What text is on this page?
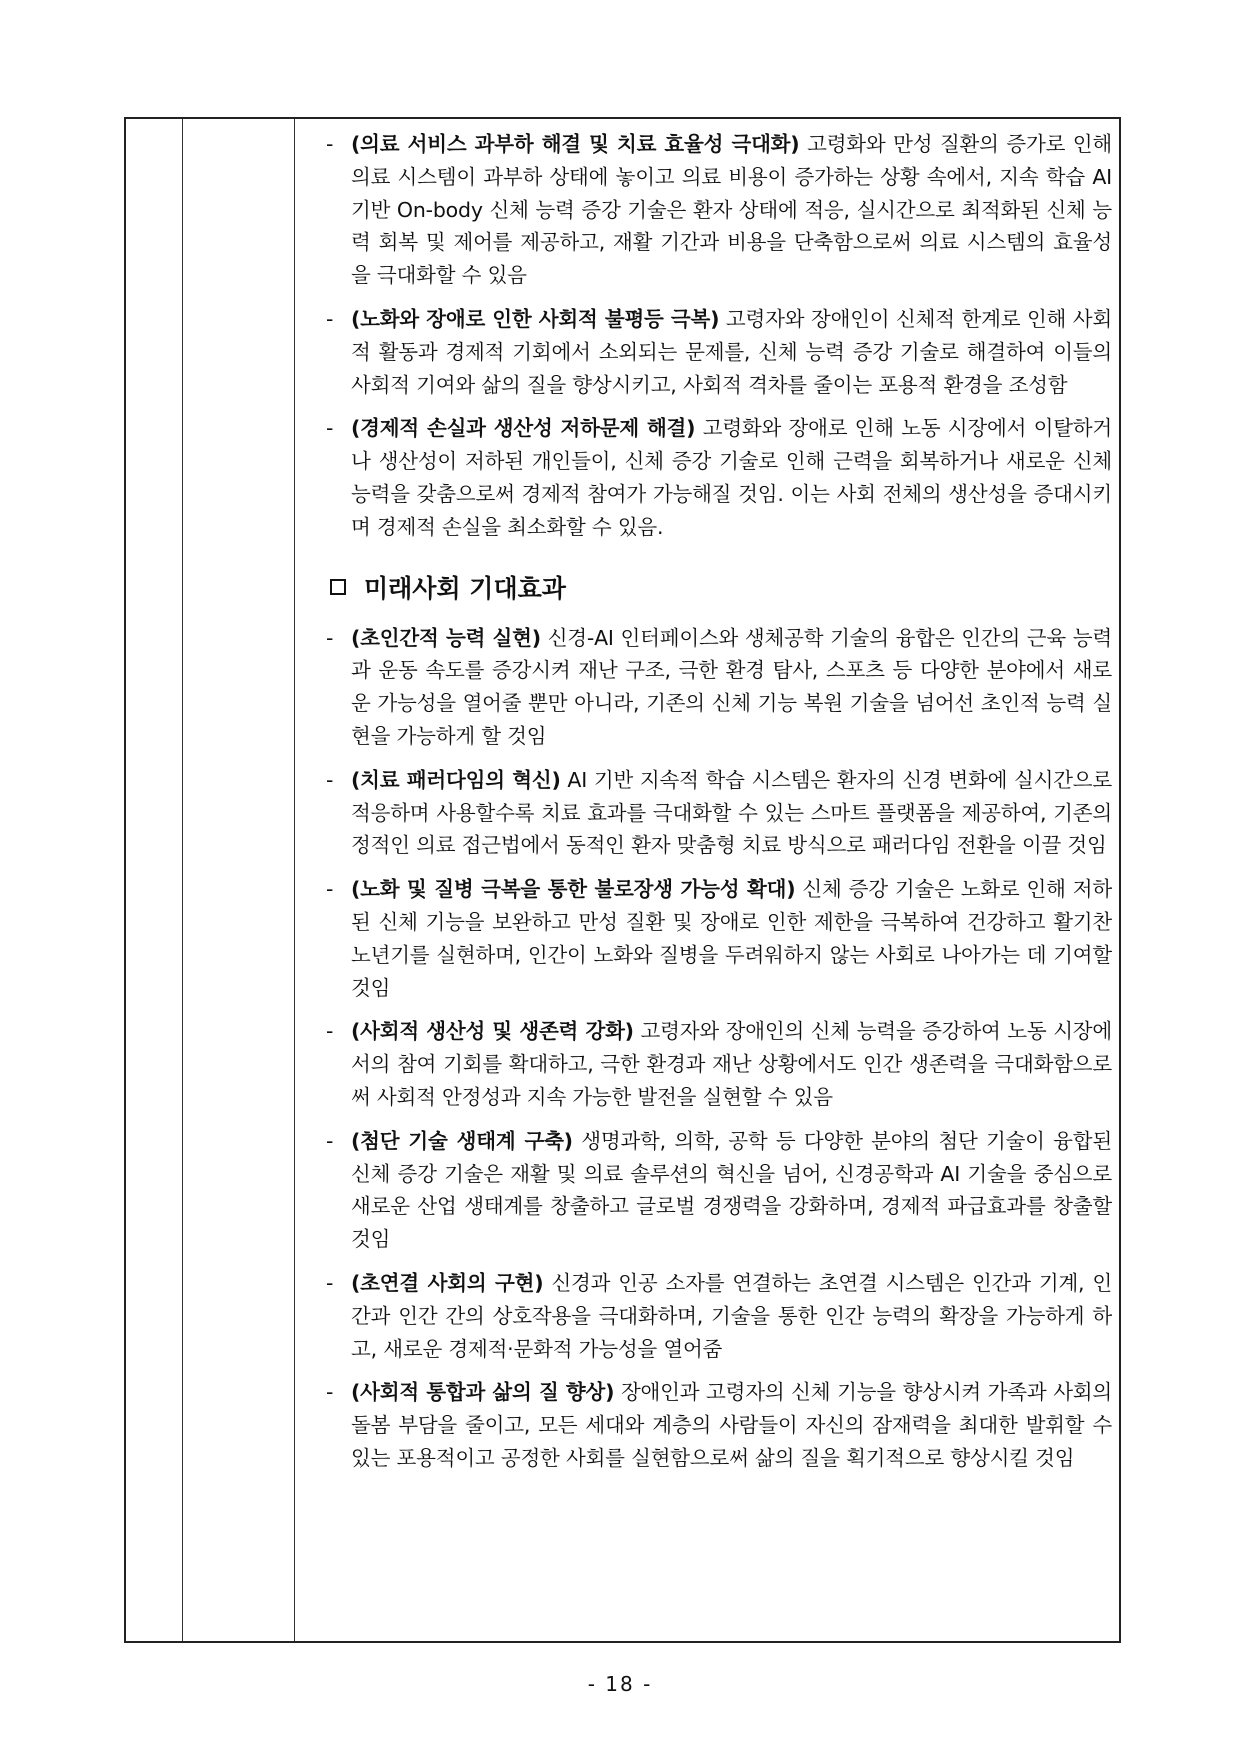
- (의료 서비스 과부하 해결 및 치료 효율성 극대화) 고령화와 만성 질환의 증가로 인해 의료 시스템이 과부하 상태에 놓이고 의료 비용이 증가하는 상황 속에서, 지속 학습 AI 기반 On-body 신체 능력 증강 기술은 환자 상태에 적응, 실시간으로 최적화된 신체 능력 회복 및 제어를 제공하고, 재활 기간과 비용을 단축함으로써 의료 시스템의 효율성을 극대화할 수 있음
- (노화와 장애로 인한 사회적 불평등 극복) 고령자와 장애인이 신체적 한계로 인해 사회적 활동과 경제적 기회에서 소외되는 문제를, 신체 능력 증강 기술로 해결하여 이들의 사회적 기여와 삶의 질을 향상시키고, 사회적 격차를 줄이는 포용적 환경을 조성함
- (경제적 손실과 생산성 저하문제 해결) 고령화와 장애로 인해 노동 시장에서 이탈하거나 생산성이 저하된 개인들이, 신체 증강 기술로 인해 근력을 회복하거나 새로운 신체 능력을 갖춤으로써 경제적 참여가 가능해질 것임. 이는 사회 전체의 생산성을 증대시키며 경제적 손실을 최소화할 수 있음.
미래사회 기대효과
- (초인간적 능력 실현) 신경-AI 인터페이스와 생체공학 기술의 융합은 인간의 근육 능력과 운동 속도를 증강시켜 재난 구조, 극한 환경 탐사, 스포츠 등 다양한 분야에서 새로운 가능성을 열어줄 뿐만 아니라, 기존의 신체 기능 복원 기술을 넘어선 초인적 능력 실현을 가능하게 할 것임
- (치료 패러다임의 혁신) AI 기반 지속적 학습 시스템은 환자의 신경 변화에 실시간으로 적응하며 사용할수록 치료 효과를 극대화할 수 있는 스마트 플랫폼을 제공하여, 기존의 정적인 의료 접근법에서 동적인 환자 맞춤형 치료 방식으로 패러다임 전환을 이끌 것임
- (노화 및 질병 극복을 통한 불로장생 가능성 확대) 신체 증강 기술은 노화로 인해 저하된 신체 기능을 보완하고 만성 질환 및 장애로 인한 제한을 극복하여 건강하고 활기찬 노년기를 실현하며, 인간이 노화와 질병을 두려워하지 않는 사회로 나아가는 데 기여할 것임
- (사회적 생산성 및 생존력 강화) 고령자와 장애인의 신체 능력을 증강하여 노동 시장에서의 참여 기회를 확대하고, 극한 환경과 재난 상황에서도 인간 생존력을 극대화함으로써 사회적 안정성과 지속 가능한 발전을 실현할 수 있음
- (첨단 기술 생태계 구축) 생명과학, 의학, 공학 등 다양한 분야의 첨단 기술이 융합된 신체 증강 기술은 재활 및 의료 솔루션의 혁신을 넘어, 신경공학과 AI 기술을 중심으로 새로운 산업 생태계를 창출하고 글로벌 경쟁력을 강화하며, 경제적 파급효과를 창출할 것임
- (초연결 사회의 구현) 신경과 인공 소자를 연결하는 초연결 시스템은 인간과 기계, 인간과 인간 간의 상호작용을 극대화하며, 기술을 통한 인간 능력의 확장을 가능하게 하고, 새로운 경제적·문화적 가능성을 열어줌
- (사회적 통합과 삶의 질 향상) 장애인과 고령자의 신체 기능을 향상시켜 가족과 사회의 돌봄 부담을 줄이고, 모든 세대와 계층의 사람들이 자신의 잠재력을 최대한 발휘할 수 있는 포용적이고 공정한 사회를 실현함으로써 삶의 질을 획기적으로 향상시킬 것임
- 18 -
